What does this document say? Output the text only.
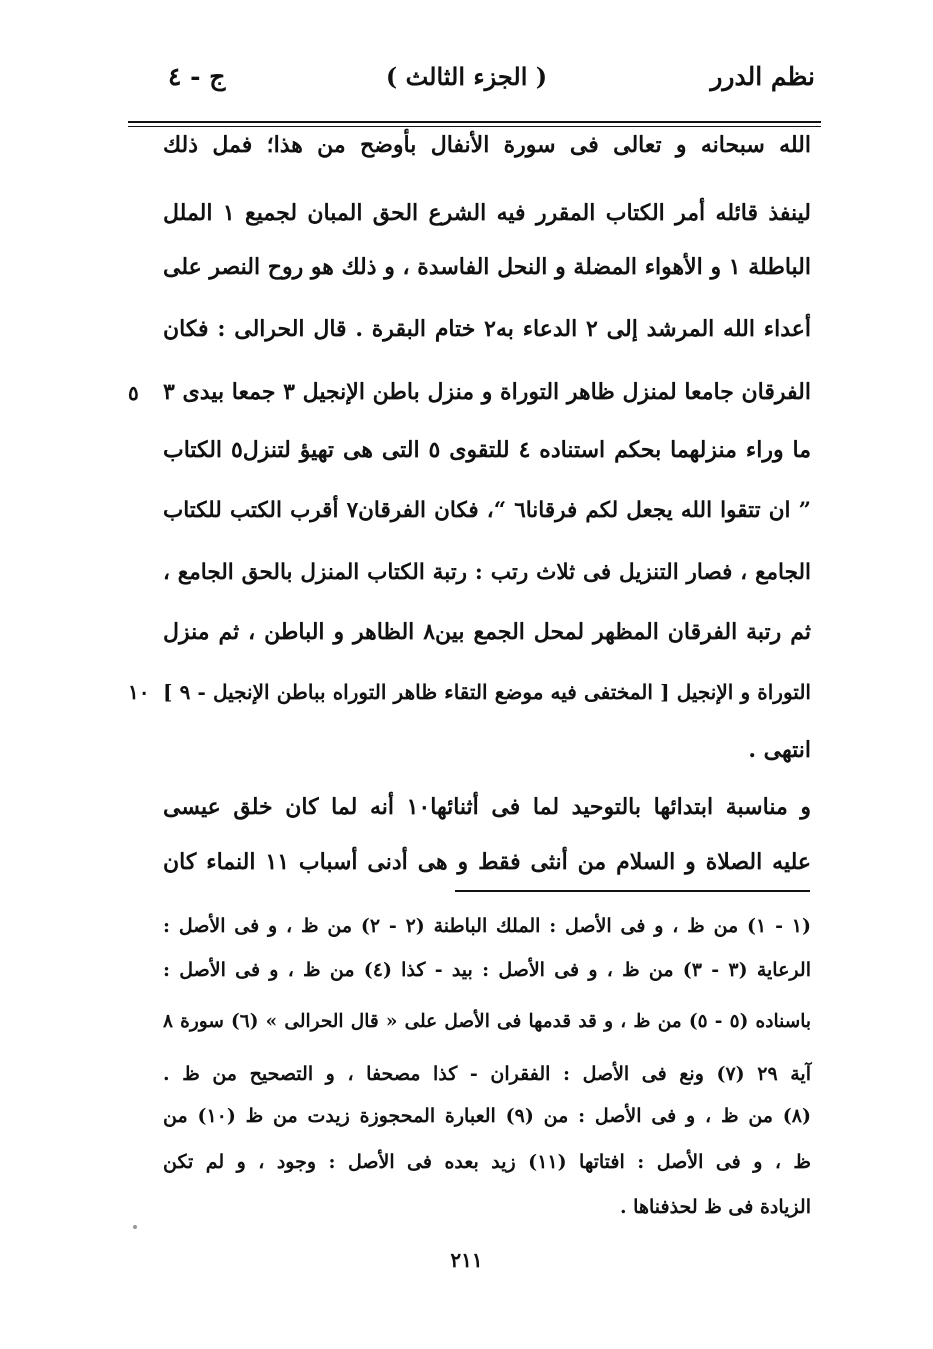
نظم الدرر
( الجزء الثالث )
ج - ٤
الله سبحانه و تعالى فى سورة الأنفال بأوضح من هذا؛ فمل ذلك
لينفذ قائله أمر الكتاب المقرر فيه الشرع الحق المبان لجميع ١ الملل
الباطلة ١ و الأهواء المضلة و النحل الفاسدة ، و ذلك هو روح النصر على
أعداء الله المرشد إلى ٢ الدعاء به٢ ختام البقرة . قال الحرالى : فكان
الفرقان جامعا لمنزل ظاهر التوراة و منزل باطن الإنجيل ٣ جمعا بيدى ٣
ما وراء منزلهما بحكم استناده ٤ للتقوى ٥ التى هى تهيؤ لتنزل٥ الكتاب
” ان تتقوا الله يجعل لكم فرقانا٦ “، فكان الفرقان٧ أقرب الكتب للكتاب
الجامع ، فصار التنزيل فى ثلاث رتب : رتبة الكتاب المنزل بالحق الجامع ،
ثم رتبة الفرقان المظهر لمحل الجمع بين٨ الظاهر و الباطن ، ثم منزل
التوراة و الإنجيل [ المختفى فيه موضع التقاء ظاهر التوراه بباطن الإنجيل - ٩ ]
انتهى .
و مناسبة ابتدائها بالتوحيد لما فى أثنائها١٠ أنه لما كان خلق عيسى
عليه الصلاة و السلام من أنثى فقط و هى أدنى أسباب ١١ النماء كان
٥
١٠
(١ - ١) من ظ ، و فى الأصل : الملك الباطنة (٢ - ٢) من ظ ، و فى الأصل :
الرعاية (٣ - ٣) من ظ ، و فى الأصل : بيد - كذا (٤) من ظ ، و فى الأصل :
باسناده (٥ - ٥) من ظ ، و قد قدمها فى الأصل على « قال الحرالى » (٦) سورة ٨
آية ٢٩ (٧) ونع فى الأصل : الفقران - كذا مصحفا ، و التصحيح من ظ .
(٨) من ظ ، و فى الأصل : من (٩) العبارة المحجوزة زيدت من ظ (١٠) من
ظ ، و فى الأصل : افتاتها (١١) زيد بعده فى الأصل : وجود ، و لم تكن
الزيادة فى ظ لحذفناها .
٢١١
